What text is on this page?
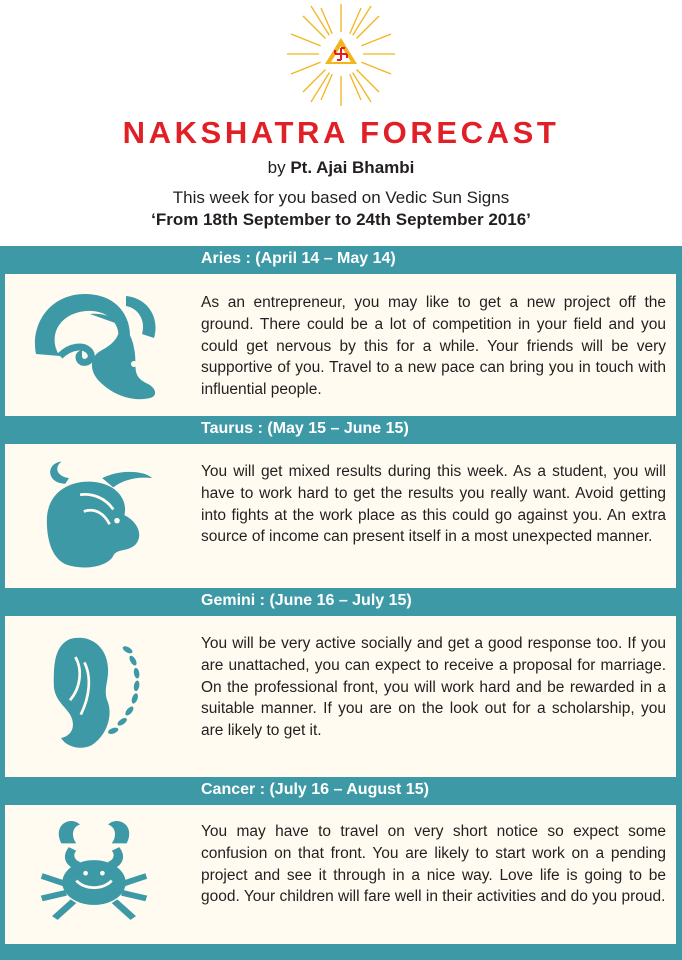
NAKSHATRA FORECAST
by Pt. Ajai Bhambi
This week for you based on Vedic Sun Signs
‘From 18th September to 24th September 2016’
Aries : (April 14 – May 14)
As an entrepreneur, you may like to get a new project off the ground. There could be a lot of competition in your field and you could get nervous by this for a while. Your friends will be very supportive of you. Travel to a new pace can bring you in touch with influential people.
Taurus : (May 15 – June 15)
You will get mixed results during this week. As a student, you will have to work hard to get the results you really want. Avoid getting into fights at the work place as this could go against you. An extra source of income can present itself in a most unexpected manner.
Gemini : (June 16 – July 15)
You will be very active socially and get a good response too. If you are unattached, you can expect to receive a proposal for marriage. On the professional front, you will work hard and be rewarded in a suitable manner. If you are on the look out for a scholarship, you are likely to get it.
Cancer : (July 16 – August 15)
You may have to travel on very short notice so expect some confusion on that front. You are likely to start work on a pending project and see it through in a nice way. Love life is going to be good. Your children will fare well in their activities and do you proud.
